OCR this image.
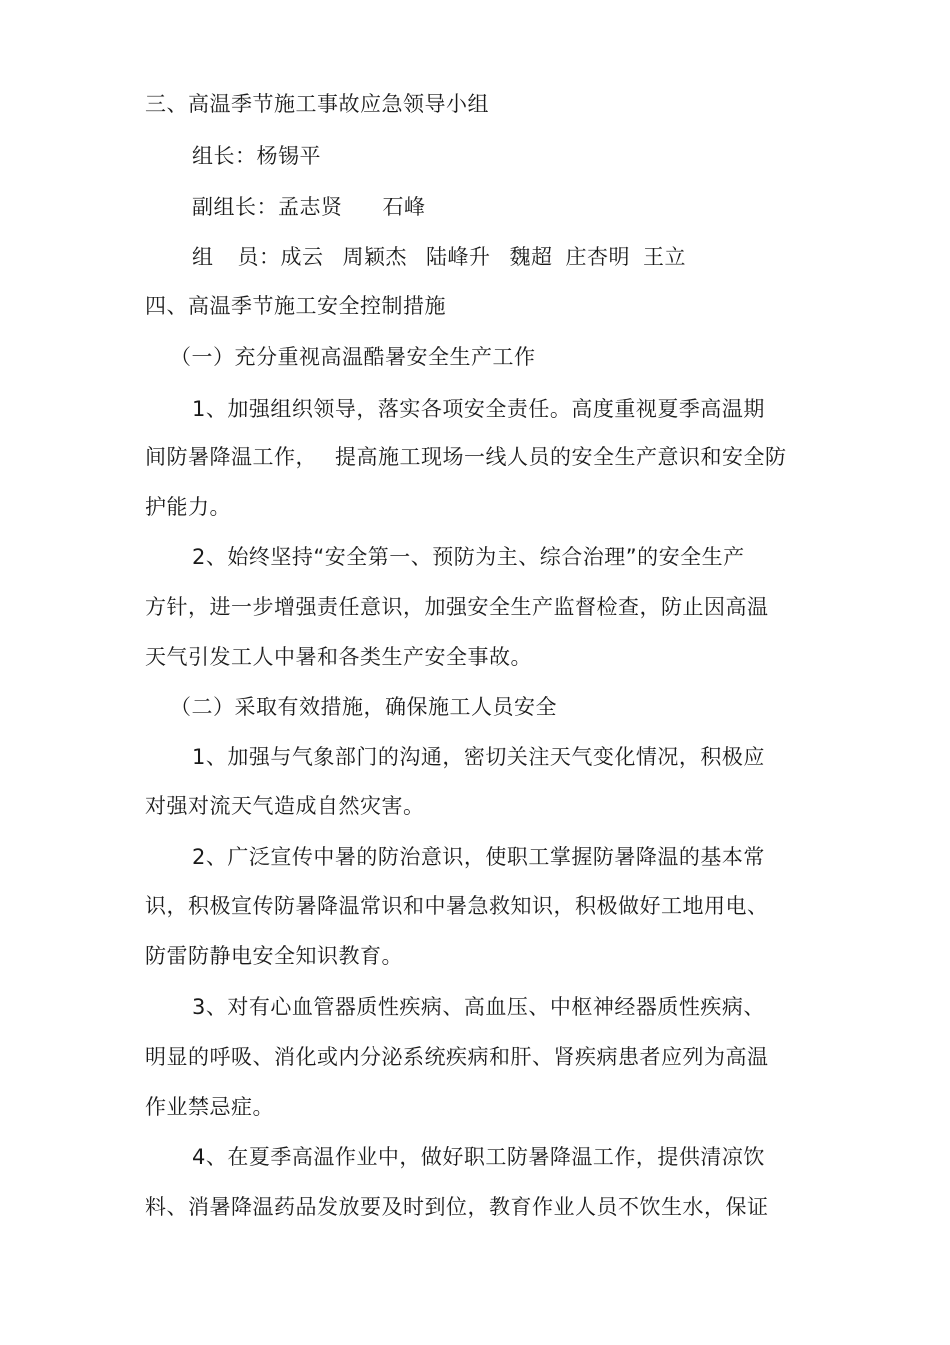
三、高温季节施工事故应急领导小组
组长：杨锡平
副组长：孟志贤 石峰
组 员：成云 周颖杰 陆峰升 魏超 庄杏明 王立
四、高温季节施工安全控制措施
（一）充分重视高温酷暑安全生产工作
1、加强组织领导，落实各项安全责任。高度重视夏季高温期
间防暑降温工作， 提高施工现场一线人员的安全生产意识和安全防
护能力。
2、始终坚持“安全第一、预防为主、综合治理”的安全生产
方针，进一步增强责任意识，加强安全生产监督检查，防止因高温
天气引发工人中暑和各类生产安全事故。
（二）采取有效措施，确保施工人员安全
1、加强与气象部门的沟通，密切关注天气变化情况，积极应
对强对流天气造成自然灾害。
2、广泛宣传中暑的防治意识，使职工掌握防暑降温的基本常
识，积极宣传防暑降温常识和中暑急救知识，积极做好工地用电、
防雷防静电安全知识教育。
3、对有心血管器质性疾病、高血压、中枢神经器质性疾病、
明显的呼吸、消化或内分泌系统疾病和肝、肾疾病患者应列为高温
作业禁忌症。
4、在夏季高温作业中，做好职工防暑降温工作，提供清凉饮
料、消暑降温药品发放要及时到位，教育作业人员不饮生水，保证
